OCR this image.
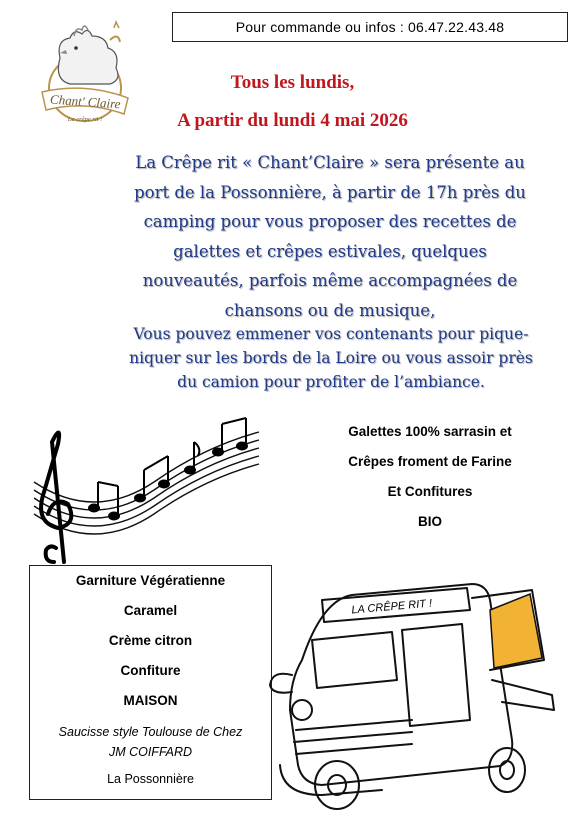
Pour commande ou infos : 06.47.22.43.48
Chant' Claire
La crêpe rit !
Tous les lundis,
A partir du lundi 4 mai 2026

La Crêpe rit « Chant’Claire » sera présente au

port de la Possonnière, à partir de 17h près du

camping pour vous proposer des recettes de

galettes et crêpes estivales, quelques

nouveautés, parfois même accompagnées de

chansons ou de musique,

Vous pouvez emmener vos contenants pour pique-

niquer sur les bords de la Loire ou vous assoir près

du camion pour profiter de l’ambiance.

Galettes 100% sarrasin et
Crêpes froment de Farine
Et Confitures
BIO
Garniture Végératienne
Caramel
Crème citron
Confiture
MAISON
Saucisse style Toulouse de Chez
JM COIFFARD
La Possonnière
LA CRÊPE RIT !
